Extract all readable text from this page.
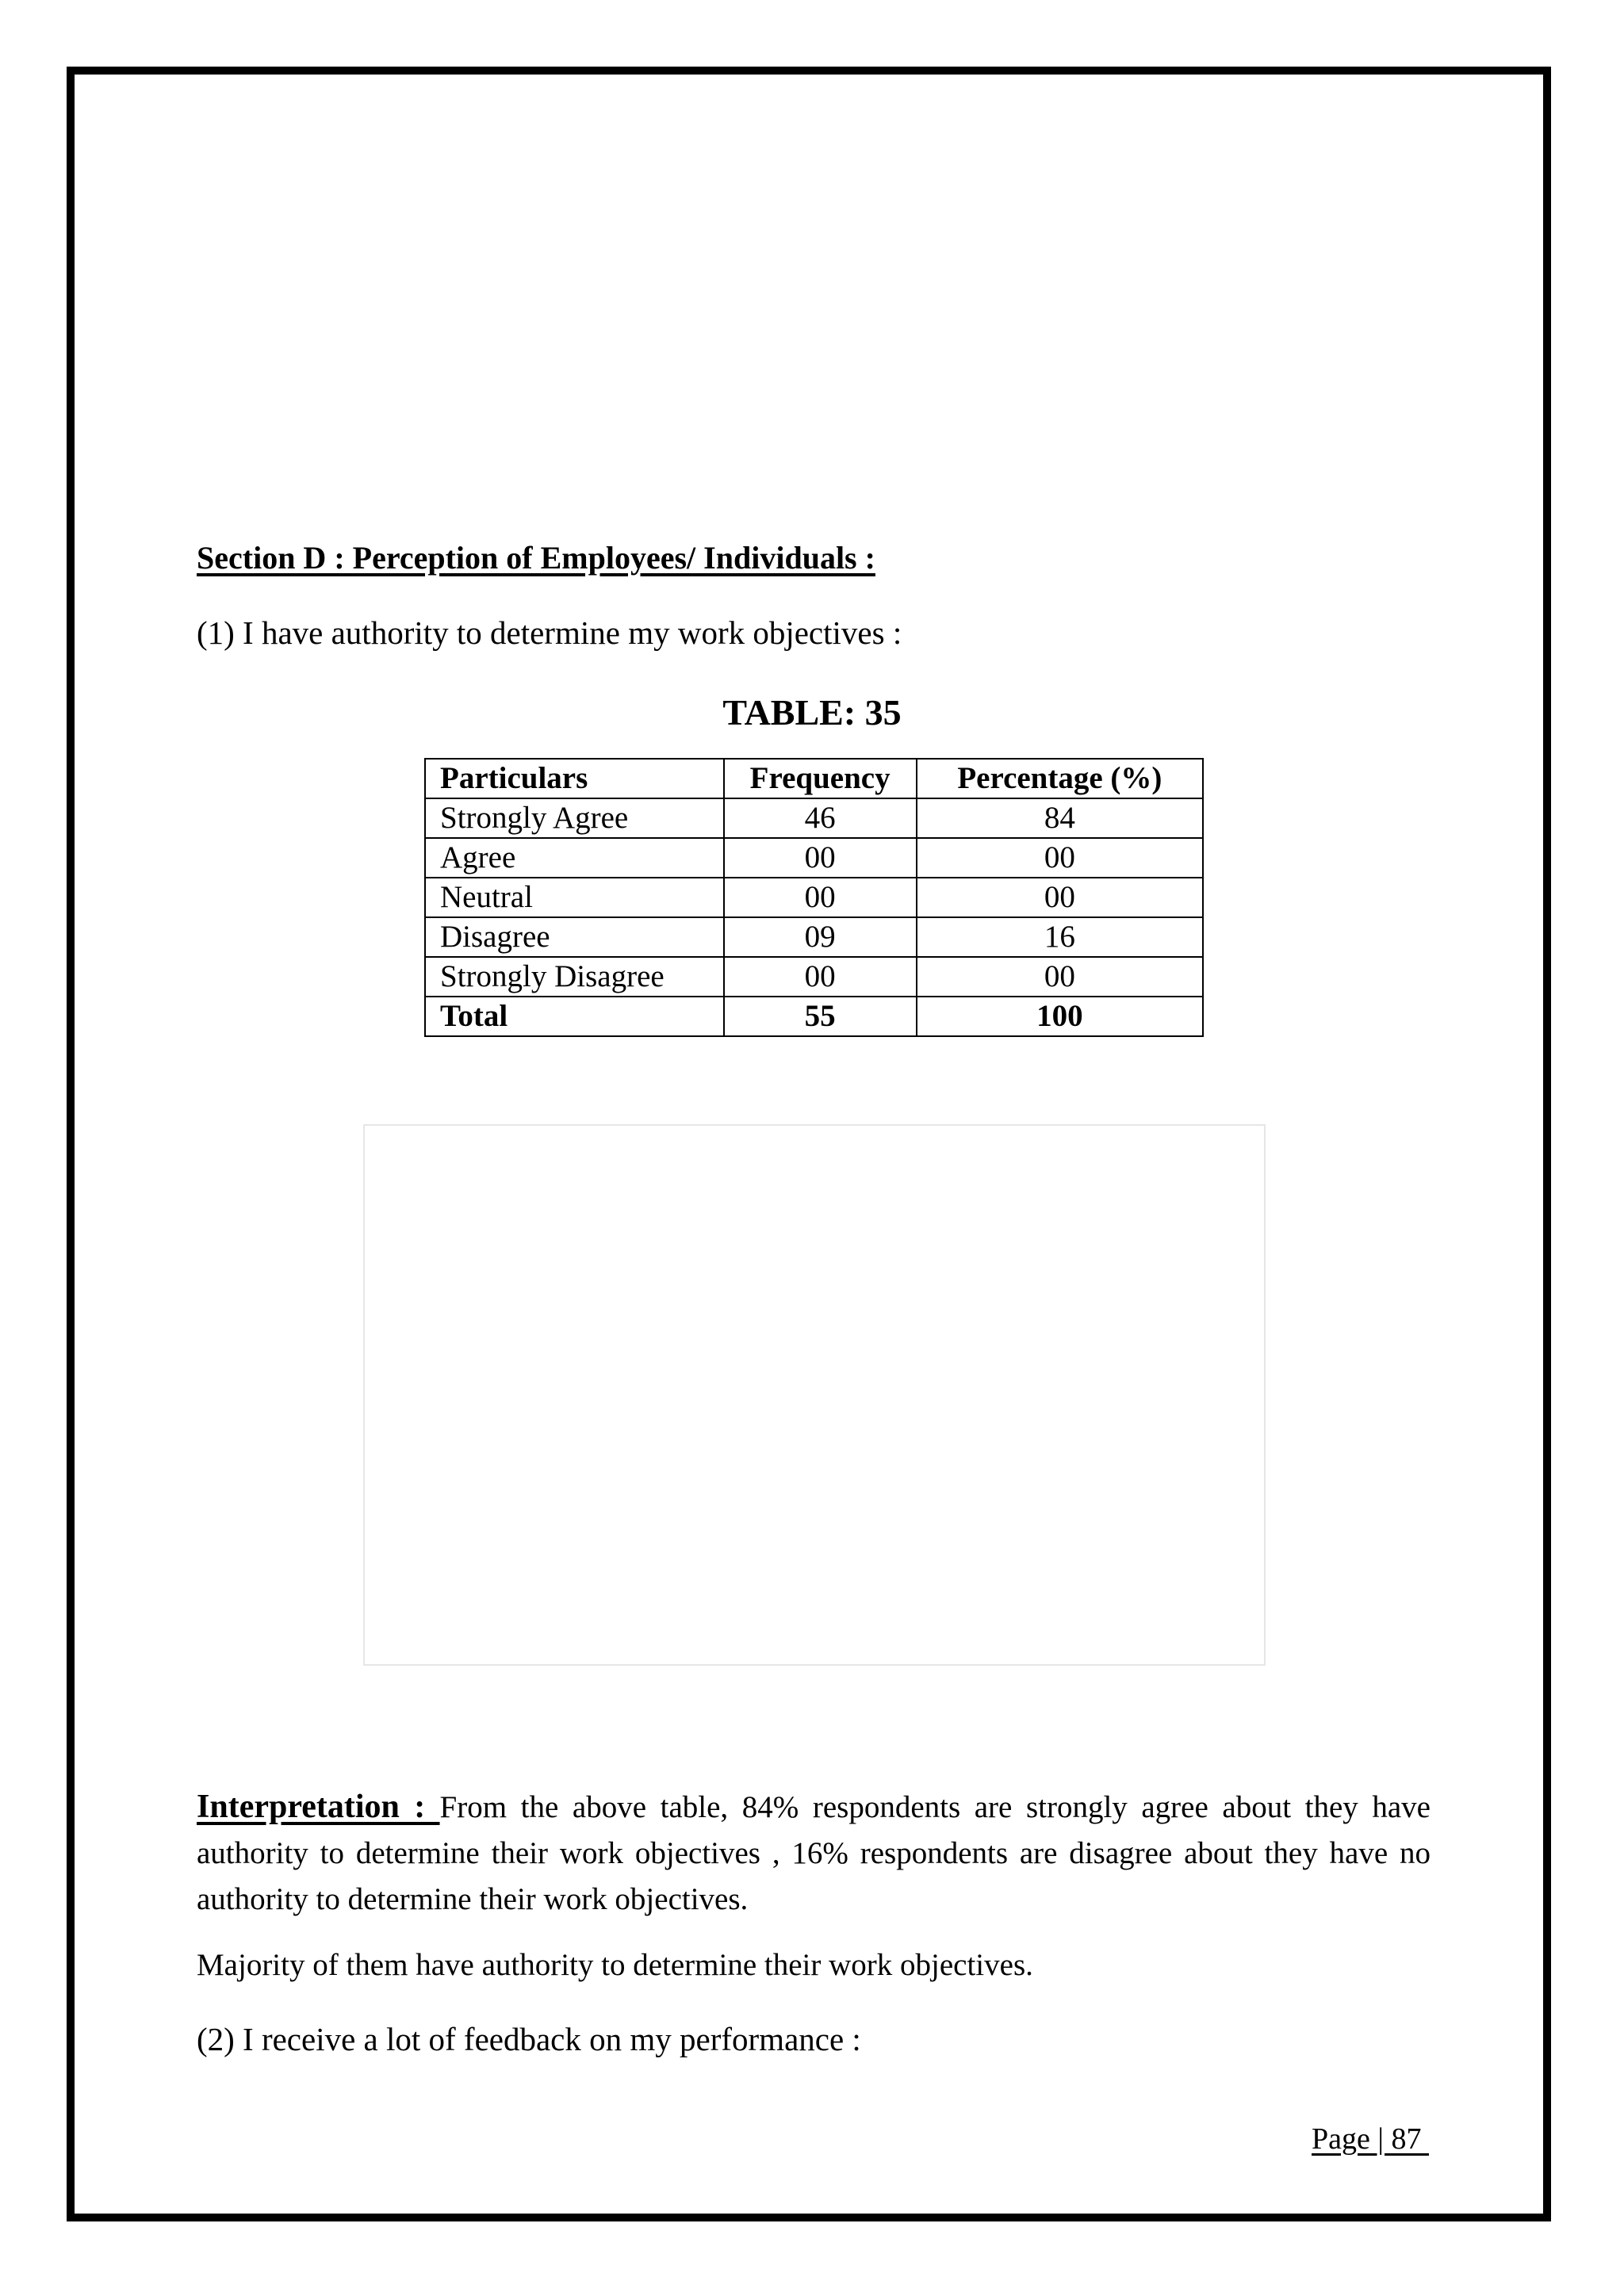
Section D : Perception of Employees/ Individuals :
(1) I have authority to determine my work objectives :
TABLE: 35
Particulars	Frequency	Percentage (%)
Strongly Agree	46	84
Agree	00	00
Neutral	00	00
Disagree	09	16
Strongly Disagree	00	00
Total	55	100

Interpretation : From the above table, 84% respondents are strongly agree about they have authority to determine their work objectives , 16% respondents are disagree about they have no authority to determine their work objectives.

Majority of them have authority to determine their work objectives.
(2) I receive a lot of feedback on my performance :
Page | 87
